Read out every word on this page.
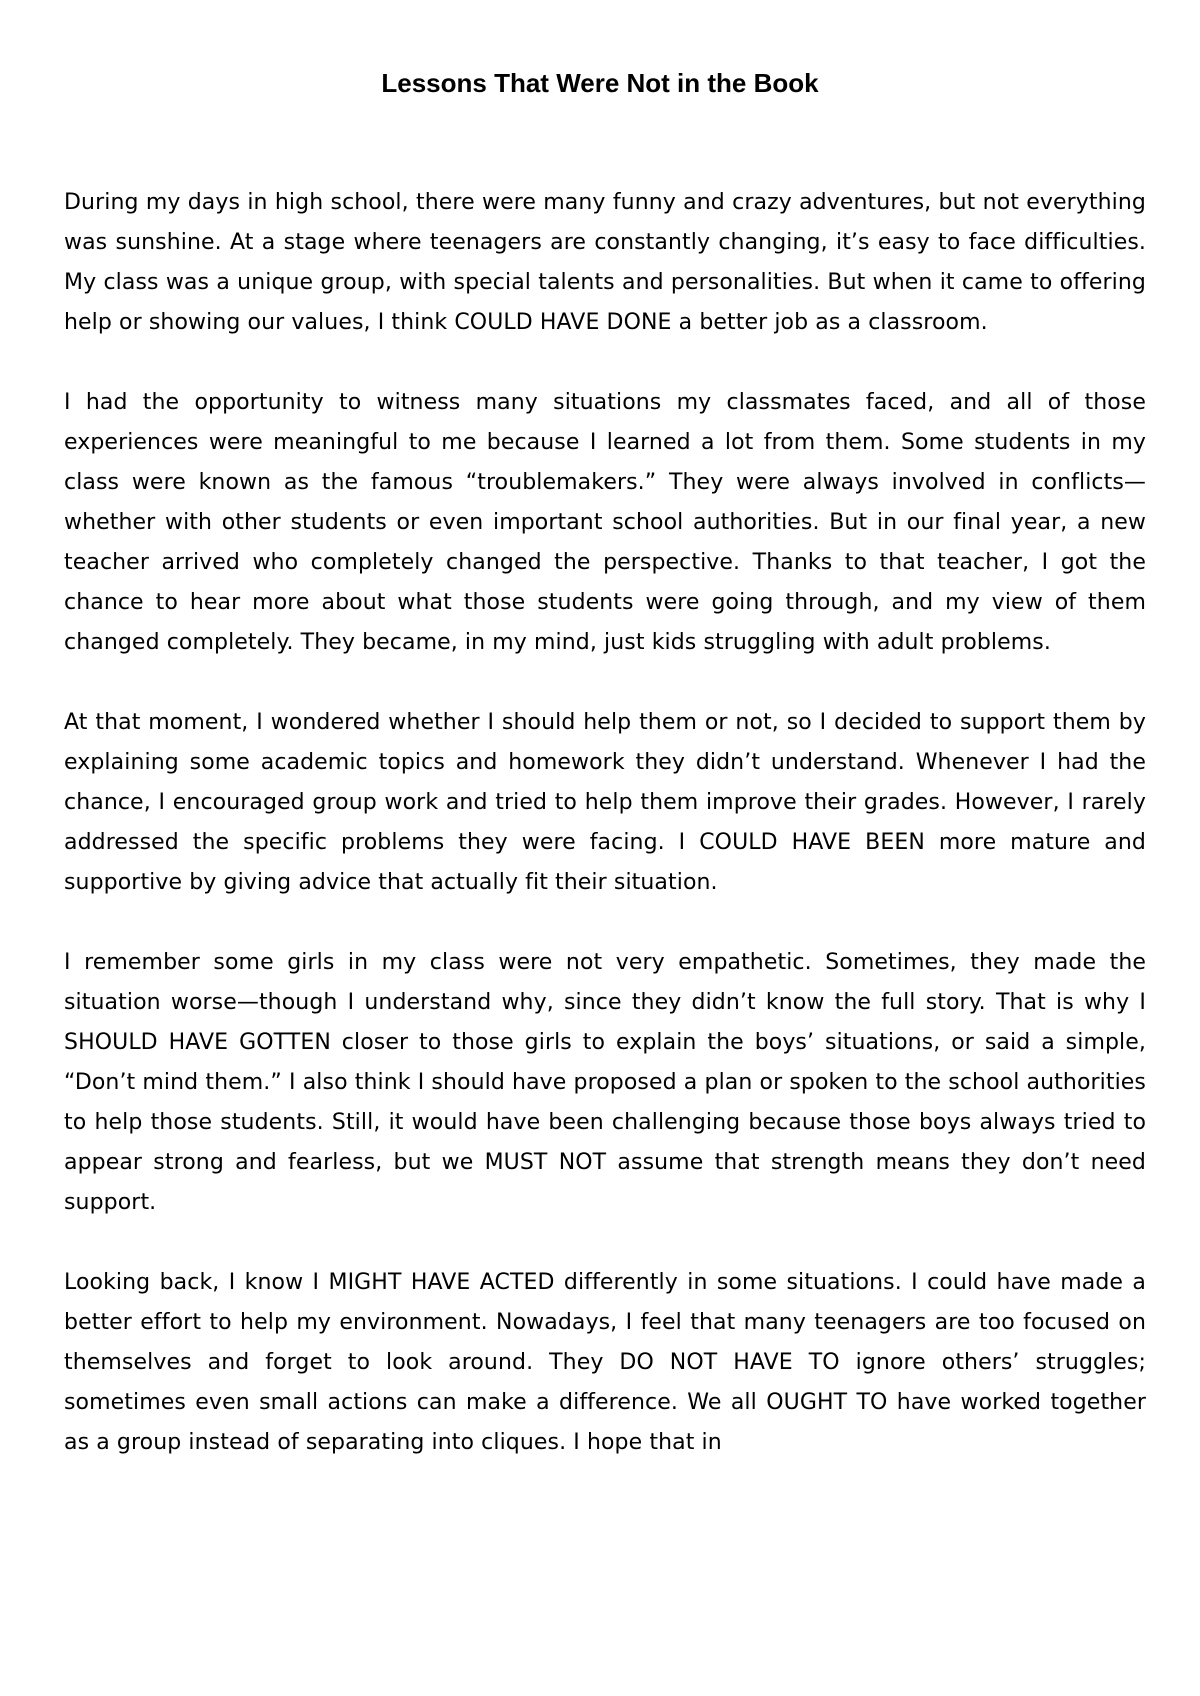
Lessons That Were Not in the Book

During my days in high school, there were many funny and crazy adventures, but not everything was sunshine. At a stage where teenagers are constantly changing, it’s easy to face difficulties. My class was a unique group, with special talents and personalities. But when it came to offering help or showing our values, I think COULD HAVE DONE a better job as a classroom.

I had the opportunity to witness many situations my classmates faced, and all of those experiences were meaningful to me because I learned a lot from them. Some students in my class were known as the famous “troublemakers.” They were always involved in conflicts—whether with other students or even important school authorities. But in our final year, a new teacher arrived who completely changed the perspective. Thanks to that teacher, I got the chance to hear more about what those students were going through, and my view of them changed completely. They became, in my mind, just kids struggling with adult problems.

At that moment, I wondered whether I should help them or not, so I decided to support them by explaining some academic topics and homework they didn’t understand. Whenever I had the chance, I encouraged group work and tried to help them improve their grades. However, I rarely addressed the specific problems they were facing. I COULD HAVE BEEN more mature and supportive by giving advice that actually fit their situation.

I remember some girls in my class were not very empathetic. Sometimes, they made the situation worse—though I understand why, since they didn’t know the full story. That is why I SHOULD HAVE GOTTEN closer to those girls to explain the boys’ situations, or said a simple, “Don’t mind them.” I also think I should have proposed a plan or spoken to the school authorities to help those students. Still, it would have been challenging because those boys always tried to appear strong and fearless, but we MUST NOT assume that strength means they don’t need support.

Looking back, I know I MIGHT HAVE ACTED differently in some situations. I could have made a better effort to help my environment. Nowadays, I feel that many teenagers are too focused on themselves and forget to look around. They DO NOT HAVE TO ignore others’ struggles; sometimes even small actions can make a difference. We all OUGHT TO have worked together as a group instead of separating into cliques. I hope that in
